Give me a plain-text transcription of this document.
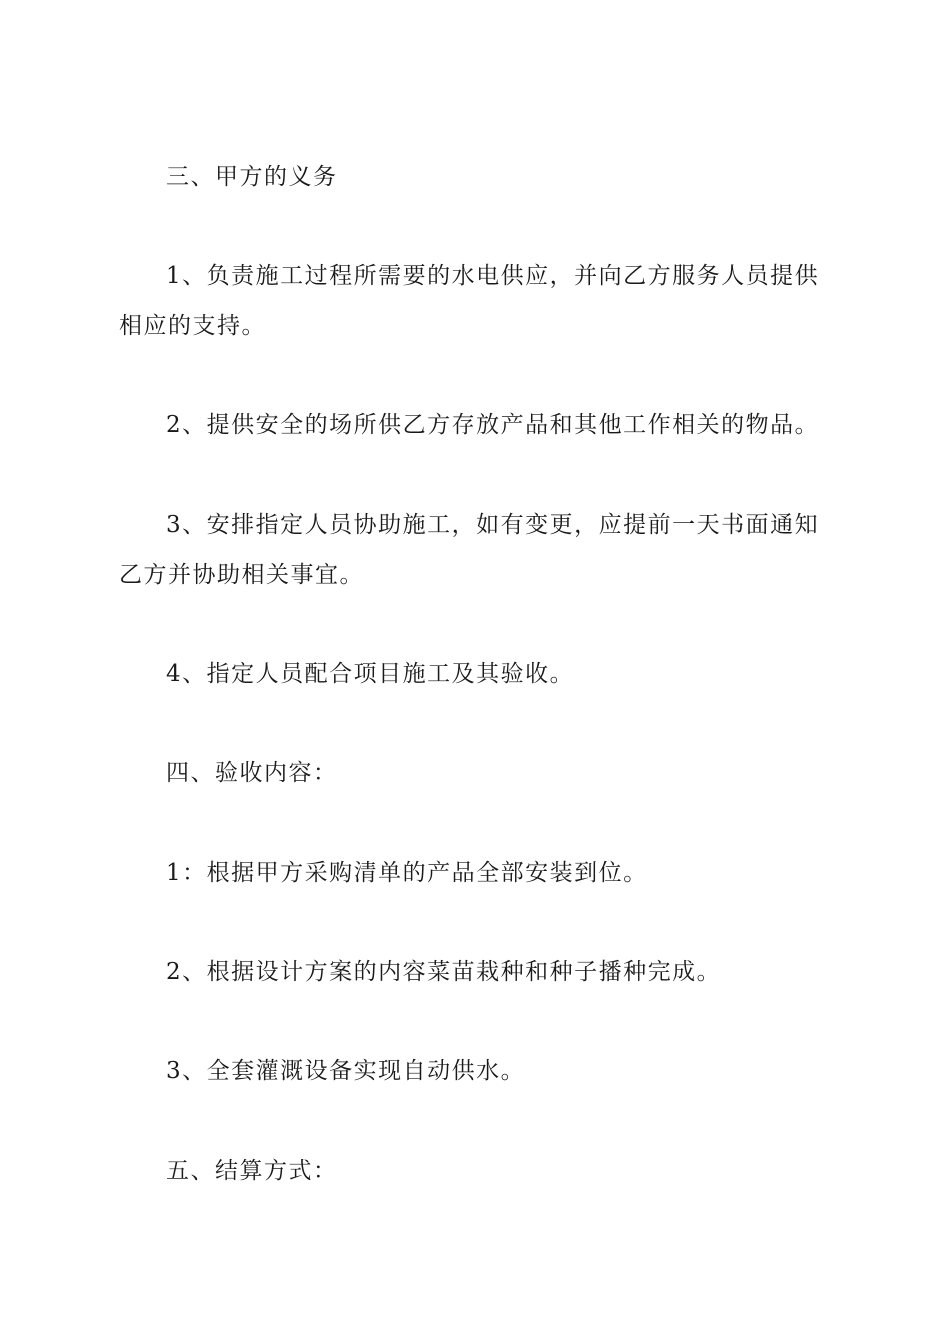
三、甲方的义务

1、负责施工过程所需要的水电供应，并向乙方服务人员提供相应的支持。

2、提供安全的场所供乙方存放产品和其他工作相关的物品。

3、安排指定人员协助施工，如有变更，应提前一天书面通知乙方并协助相关事宜。

4、指定人员配合项目施工及其验收。

四、验收内容：

1：根据甲方采购清单的产品全部安装到位。

2、根据设计方案的内容菜苗栽种和种子播种完成。

3、全套灌溉设备实现自动供水。

五、结算方式：
